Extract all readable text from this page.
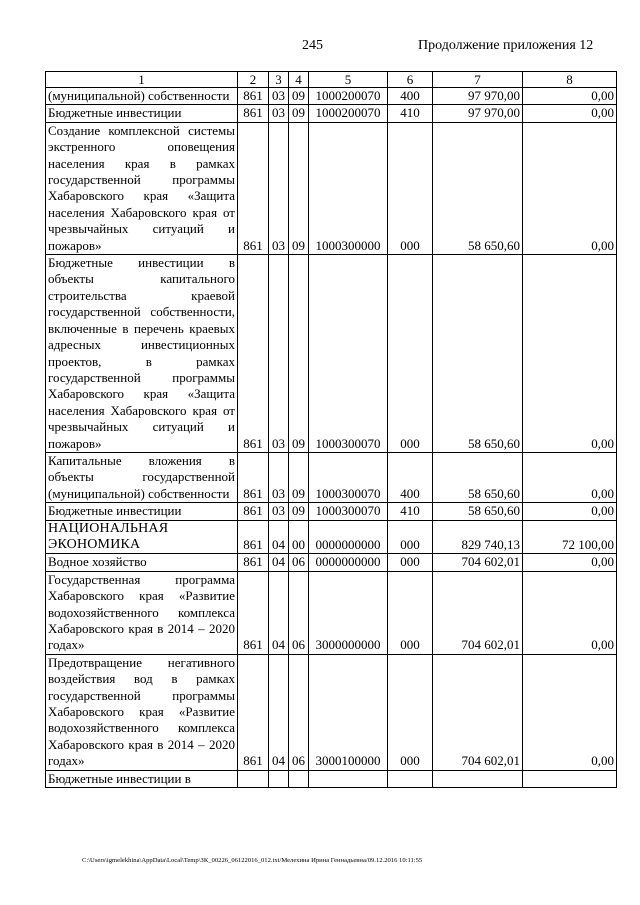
245	Продолжение приложения 12
1	2	3	4	5	6	7	8
(муниципальной) собственности	861	03	09	1000200070	400	97 970,00	0,00
Бюджетные инвестиции	861	03	09	1000200070	410	97 970,00	0,00
Создание комплексной системы экстренного оповещения населения края в рамках государственной программы Хабаровского края «Защита населения Хабаровского края от чрезвычайных ситуаций и пожаров»	861	03	09	1000300000	000	58 650,60	0,00
Бюджетные инвестиции в объекты капитального строительства краевой государственной собственности, включенные в перечень краевых адресных инвестиционных проектов, в рамках государственной программы Хабаровского края «Защита населения Хабаровского края от чрезвычайных ситуаций и пожаров»	861	03	09	1000300070	000	58 650,60	0,00
Капитальные вложения в объекты государственной (муниципальной) собственности	861	03	09	1000300070	400	58 650,60	0,00
Бюджетные инвестиции	861	03	09	1000300070	410	58 650,60	0,00
НАЦИОНАЛЬНАЯ ЭКОНОМИКА	861	04	00	0000000000	000	829 740,13	72 100,00
Водное хозяйство	861	04	06	0000000000	000	704 602,01	0,00
Государственная программа Хабаровского края «Развитие водохозяйственного комплекса Хабаровского края в 2014 – 2020 годах»	861	04	06	3000000000	000	704 602,01	0,00
Предотвращение негативного воздействия вод в рамках государственной программы Хабаровского края «Развитие водохозяйственного комплекса Хабаровского края в 2014 – 2020 годах»	861	04	06	3000100000	000	704 602,01	0,00
Бюджетные инвестиции в							
C:\Users\igmelekhina\AppData\Local\Temp\ЗК_00226_06122016_012.txt/Мелехина Ирина Геннадьевна/09.12.2016 10:11:55
